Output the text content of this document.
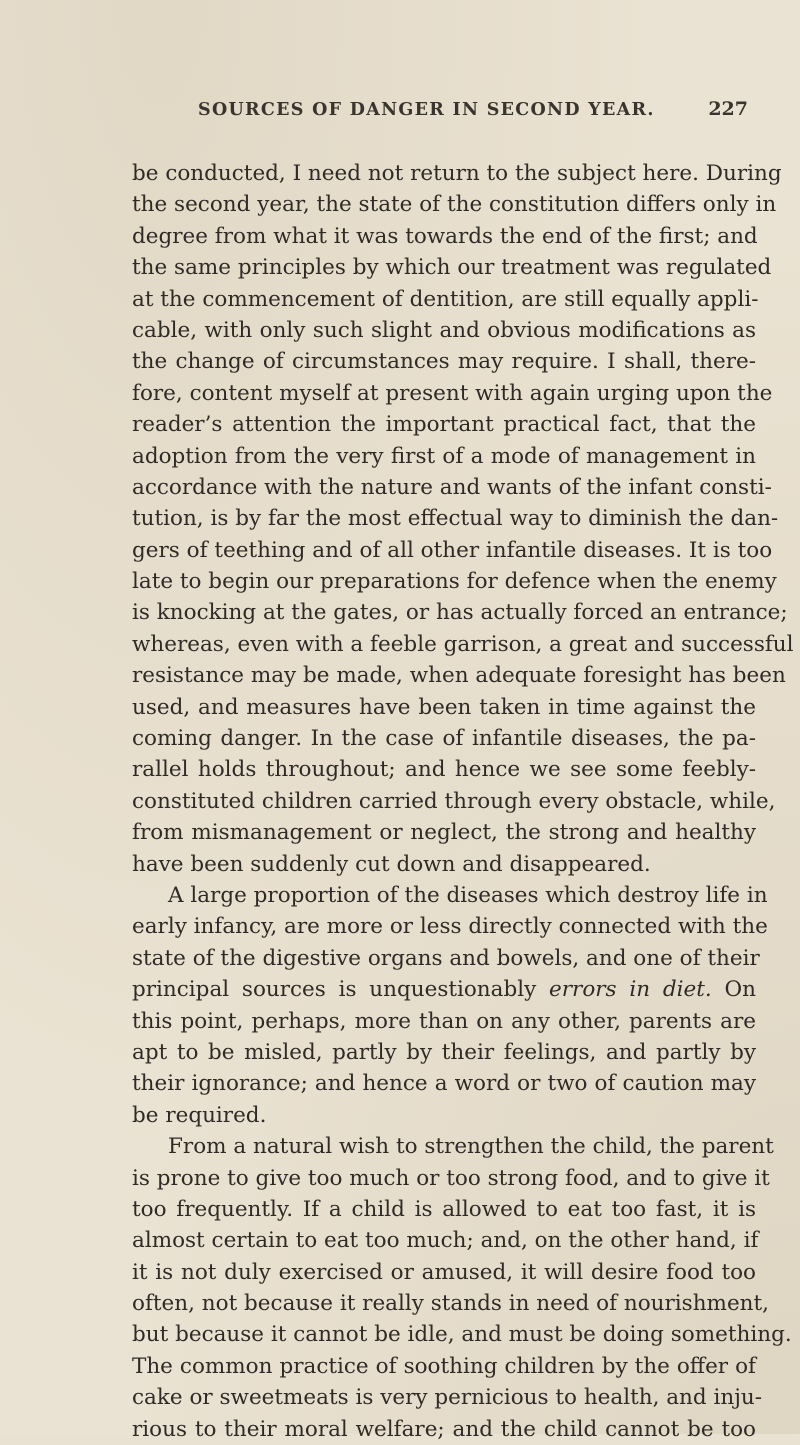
SOURCES OF DANGER IN SECOND YEAR.	227
be conducted, I need not return to the subject here. During
the second year, the state of the constitution differs only in
degree from what it was towards the end of the first; and
the same principles by which our treatment was regulated
at the commencement of dentition, are still equally appli-
cable, with only such slight and obvious modifications as
the change of circumstances may require. I shall, there-
fore, content myself at present with again urging upon the
reader’s attention the important practical fact, that the
adoption from the very first of a mode of management in
accordance with the nature and wants of the infant consti-
tution, is by far the most effectual way to diminish the dan-
gers of teething and of all other infantile diseases. It is too
late to begin our preparations for defence when the enemy
is knocking at the gates, or has actually forced an entrance;
whereas, even with a feeble garrison, a great and successful
resistance may be made, when adequate foresight has been
used, and measures have been taken in time against the
coming danger. In the case of infantile diseases, the pa-
rallel holds throughout; and hence we see some feebly-
constituted children carried through every obstacle, while,
from mismanagement or neglect, the strong and healthy
have been suddenly cut down and disappeared.
A large proportion of the diseases which destroy life in
early infancy, are more or less directly connected with the
state of the digestive organs and bowels, and one of their
principal sources is unquestionably errors in diet. On
this point, perhaps, more than on any other, parents are
apt to be misled, partly by their feelings, and partly by
their ignorance; and hence a word or two of caution may
be required.
From a natural wish to strengthen the child, the parent
is prone to give too much or too strong food, and to give it
too frequently. If a child is allowed to eat too fast, it is
almost certain to eat too much; and, on the other hand, if
it is not duly exercised or amused, it will desire food too
often, not because it really stands in need of nourishment,
but because it cannot be idle, and must be doing something.
The common practice of soothing children by the offer of
cake or sweetmeats is very pernicious to health, and inju-
rious to their moral welfare; and the child cannot be too
